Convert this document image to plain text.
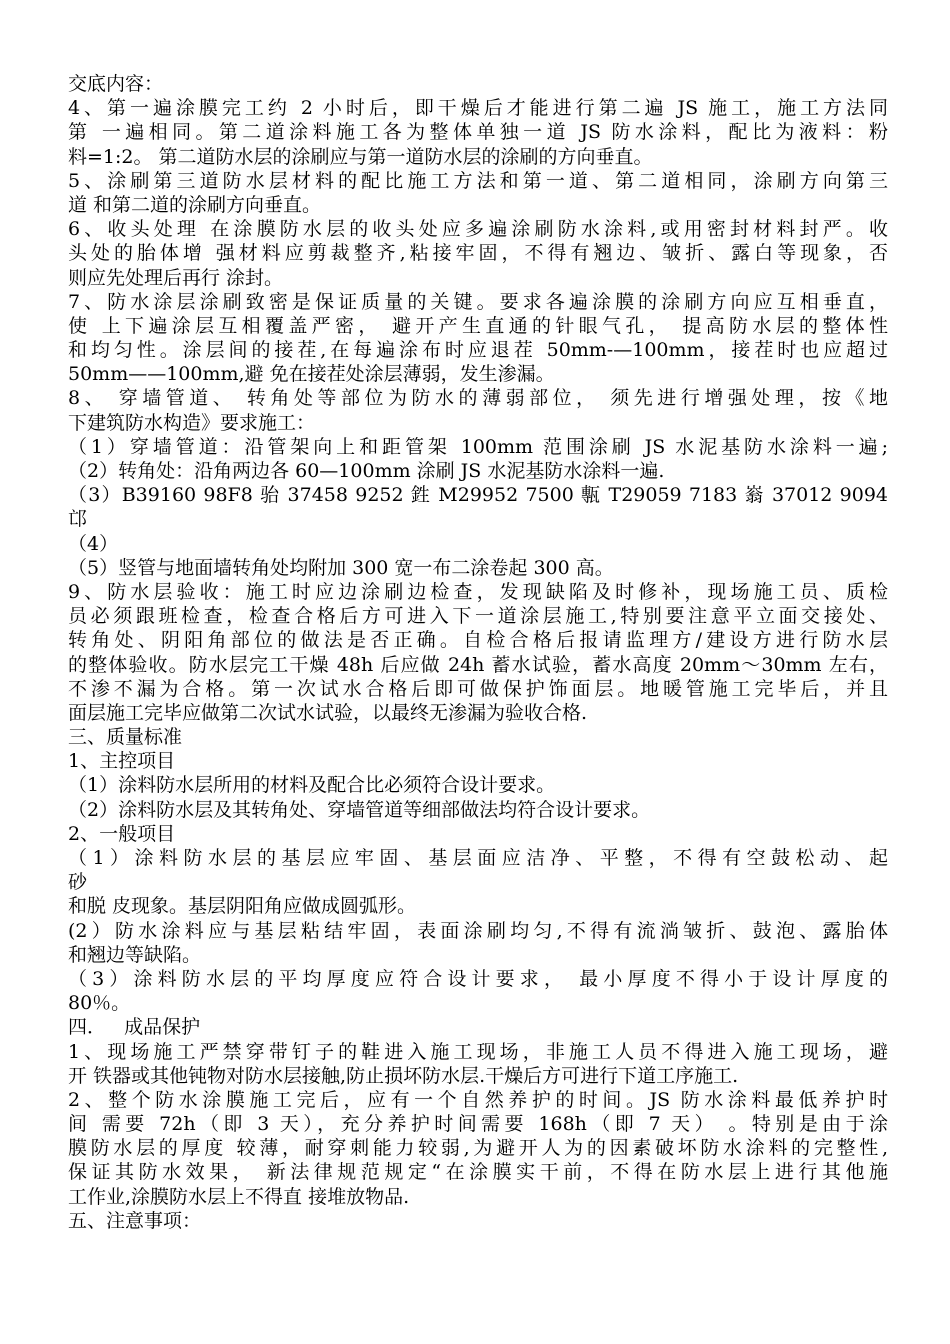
交底内容：
4、第一遍涂膜完工约 2 小时后，即干燥后才能进行第二遍 JS 施工，施工方法同
第 一遍相同。第二道涂料施工各为整体单独一道 JS 防水涂料，配比为液料：粉
料=1:2。 第二道防水层的涂刷应与第一道防水层的涂刷的方向垂直。
5、涂刷第三道防水层材料的配比施工方法和第一道、第二道相同，涂刷方向第三
道 和第二道的涂刷方向垂直。
6、收头处理 在涂膜防水层的收头处应多遍涂刷防水涂料,或用密封材料封严。收
头处的胎体增 强材料应剪裁整齐,粘接牢固，不得有翘边、皱折、露白等现象，否
则应先处理后再行 涂封。
7、防水涂层涂刷致密是保证质量的关键。要求各遍涂膜的涂刷方向应互相垂直，
使 上下遍涂层互相覆盖严密， 避开产生直通的针眼气孔， 提高防水层的整体性
和均匀性。涂层间的接茬,在每遍涂布时应退茬 50mm-—100mm，接茬时也应超过
50mm——100mm,避 免在接茬处涂层薄弱，发生渗漏。
8、 穿墙管道、 转角处等部位为防水的薄弱部位， 须先进行增强处理，按《地
下建筑防水构造》要求施工：
（1）穿墙管道：沿管架向上和距管架 100mm 范围涂刷 JS 水泥基防水涂料一遍;
（2）转角处：沿角两边各 60—100mm 涂刷 JS 水泥基防水涂料一遍.
（3）B39160 98F8 骀 37458 9252 鉎 M29952 7500 甎 T29059 7183 嵡 37012 9094
邙
（4）
（5）竖管与地面墙转角处均附加 300 宽一布二涂卷起 300 高。
9、防水层验收：施工时应边涂刷边检查，发现缺陷及时修补，现场施工员、质检
员必须跟班检查，检查合格后方可进入下一道涂层施工,特别要注意平立面交接处、
转角处、阴阳角部位的做法是否正确。自检合格后报请监理方/建设方进行防水层
的整体验收。防水层完工干燥 48h 后应做 24h 蓄水试验，蓄水高度 20mm～30mm 左右，
不渗不漏为合格。第一次试水合格后即可做保护饰面层。地暖管施工完毕后，并且
面层施工完毕应做第二次试水试验，以最终无渗漏为验收合格.
三、质量标准
1、主控项目
（1）涂料防水层所用的材料及配合比必须符合设计要求。
（2）涂料防水层及其转角处、穿墙管道等细部做法均符合设计要求。
2、一般项目
（1）涂料防水层的基层应牢固、基层面应洁净、平整，不得有空鼓松动、起
砂
和脱 皮现象。基层阴阳角应做成圆弧形。
(2）防水涂料应与基层粘结牢固，表面涂刷均匀,不得有流淌皱折、鼓泡、露胎体
和翘边等缺陷。
（3）涂料防水层的平均厚度应符合设计要求， 最小厚度不得小于设计厚度的
80％。
四．   成品保护
1、现场施工严禁穿带钉子的鞋进入施工现场，非施工人员不得进入施工现场，避
开 铁器或其他钝物对防水层接触,防止损坏防水层.干燥后方可进行下道工序施工.
2、整个防水涂膜施工完后，应有一个自然养护的时间。JS 防水涂料最低养护时
间 需要 72h（即 3 天），充分养护时间需要 168h（即 7 天） 。特别是由于涂
膜防水层的厚度 较薄，耐穿刺能力较弱,为避开人为的因素破坏防水涂料的完整性,
保证其防水效果， 新法律规范规定“在涂膜实干前，不得在防水层上进行其他施
工作业,涂膜防水层上不得直 接堆放物品.
五、注意事项：
